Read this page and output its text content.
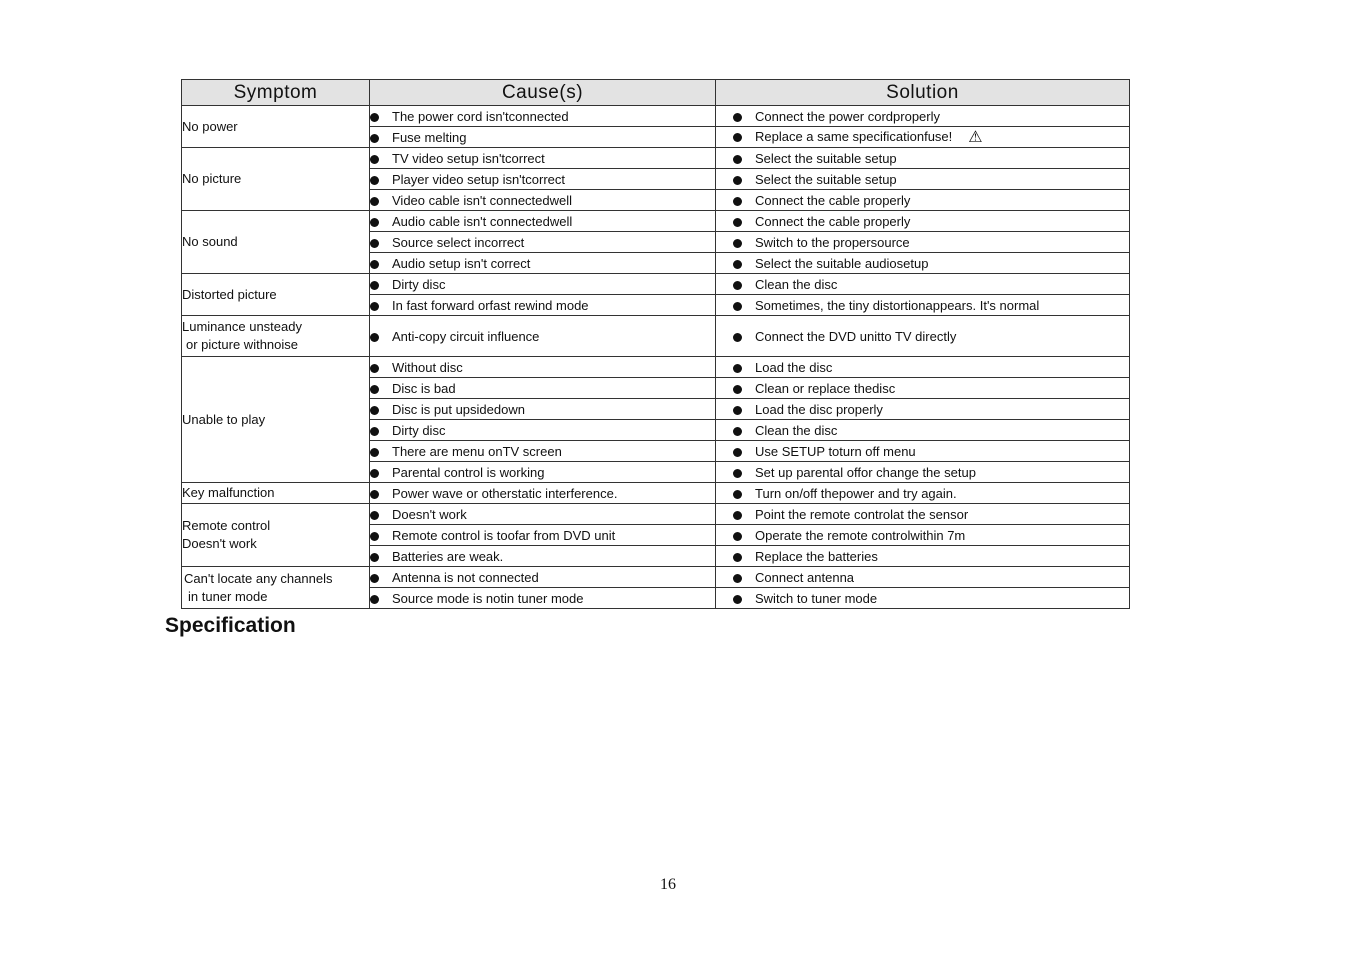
Symptom	Cause(s)	Solution

No power	The power cord isn'tconnected	Connect the power cordproperly
	Fuse melting	Replace a same specificationfuse! ⚠

No picture	TV video setup isn'tcorrect	Select the suitable setup
	Player video setup isn'tcorrect	Select the suitable setup
	Video cable isn't connectedwell	Connect the cable properly

No sound	Audio cable isn't connectedwell	Connect the cable properly
	Source select incorrect	Switch to the propersource
	Audio setup isn't correct	Select the suitable audiosetup

Distorted picture	Dirty disc	Clean the disc
	In fast forward orfast rewind mode	Sometimes, the tiny distortionappears. It's normal

Luminance unsteady
or picture withnoise	Anti-copy circuit influence	Connect the DVD unitto TV directly

Unable to play	Without disc	Load the disc
	Disc is bad	Clean or replace thedisc
	Disc is put upsidedown	Load the disc properly
	Dirty disc	Clean the disc
	There are menu onTV screen	Use SETUP toturn off menu
	Parental control is working	Set up parental offor change the setup

Key malfunction	Power wave or otherstatic interference.	Turn on/off thepower and try again.

Remote control
Doesn't work	Doesn't work	Point the remote controlat the sensor
	Remote control is toofar from DVD unit	Operate the remote controlwithin 7m
	Batteries are weak.	Replace the batteries

Can't locate any channels
in tuner mode	Antenna is not connected	Connect antenna
	Source mode is notin tuner mode	Switch to tuner mode
Specification
16
